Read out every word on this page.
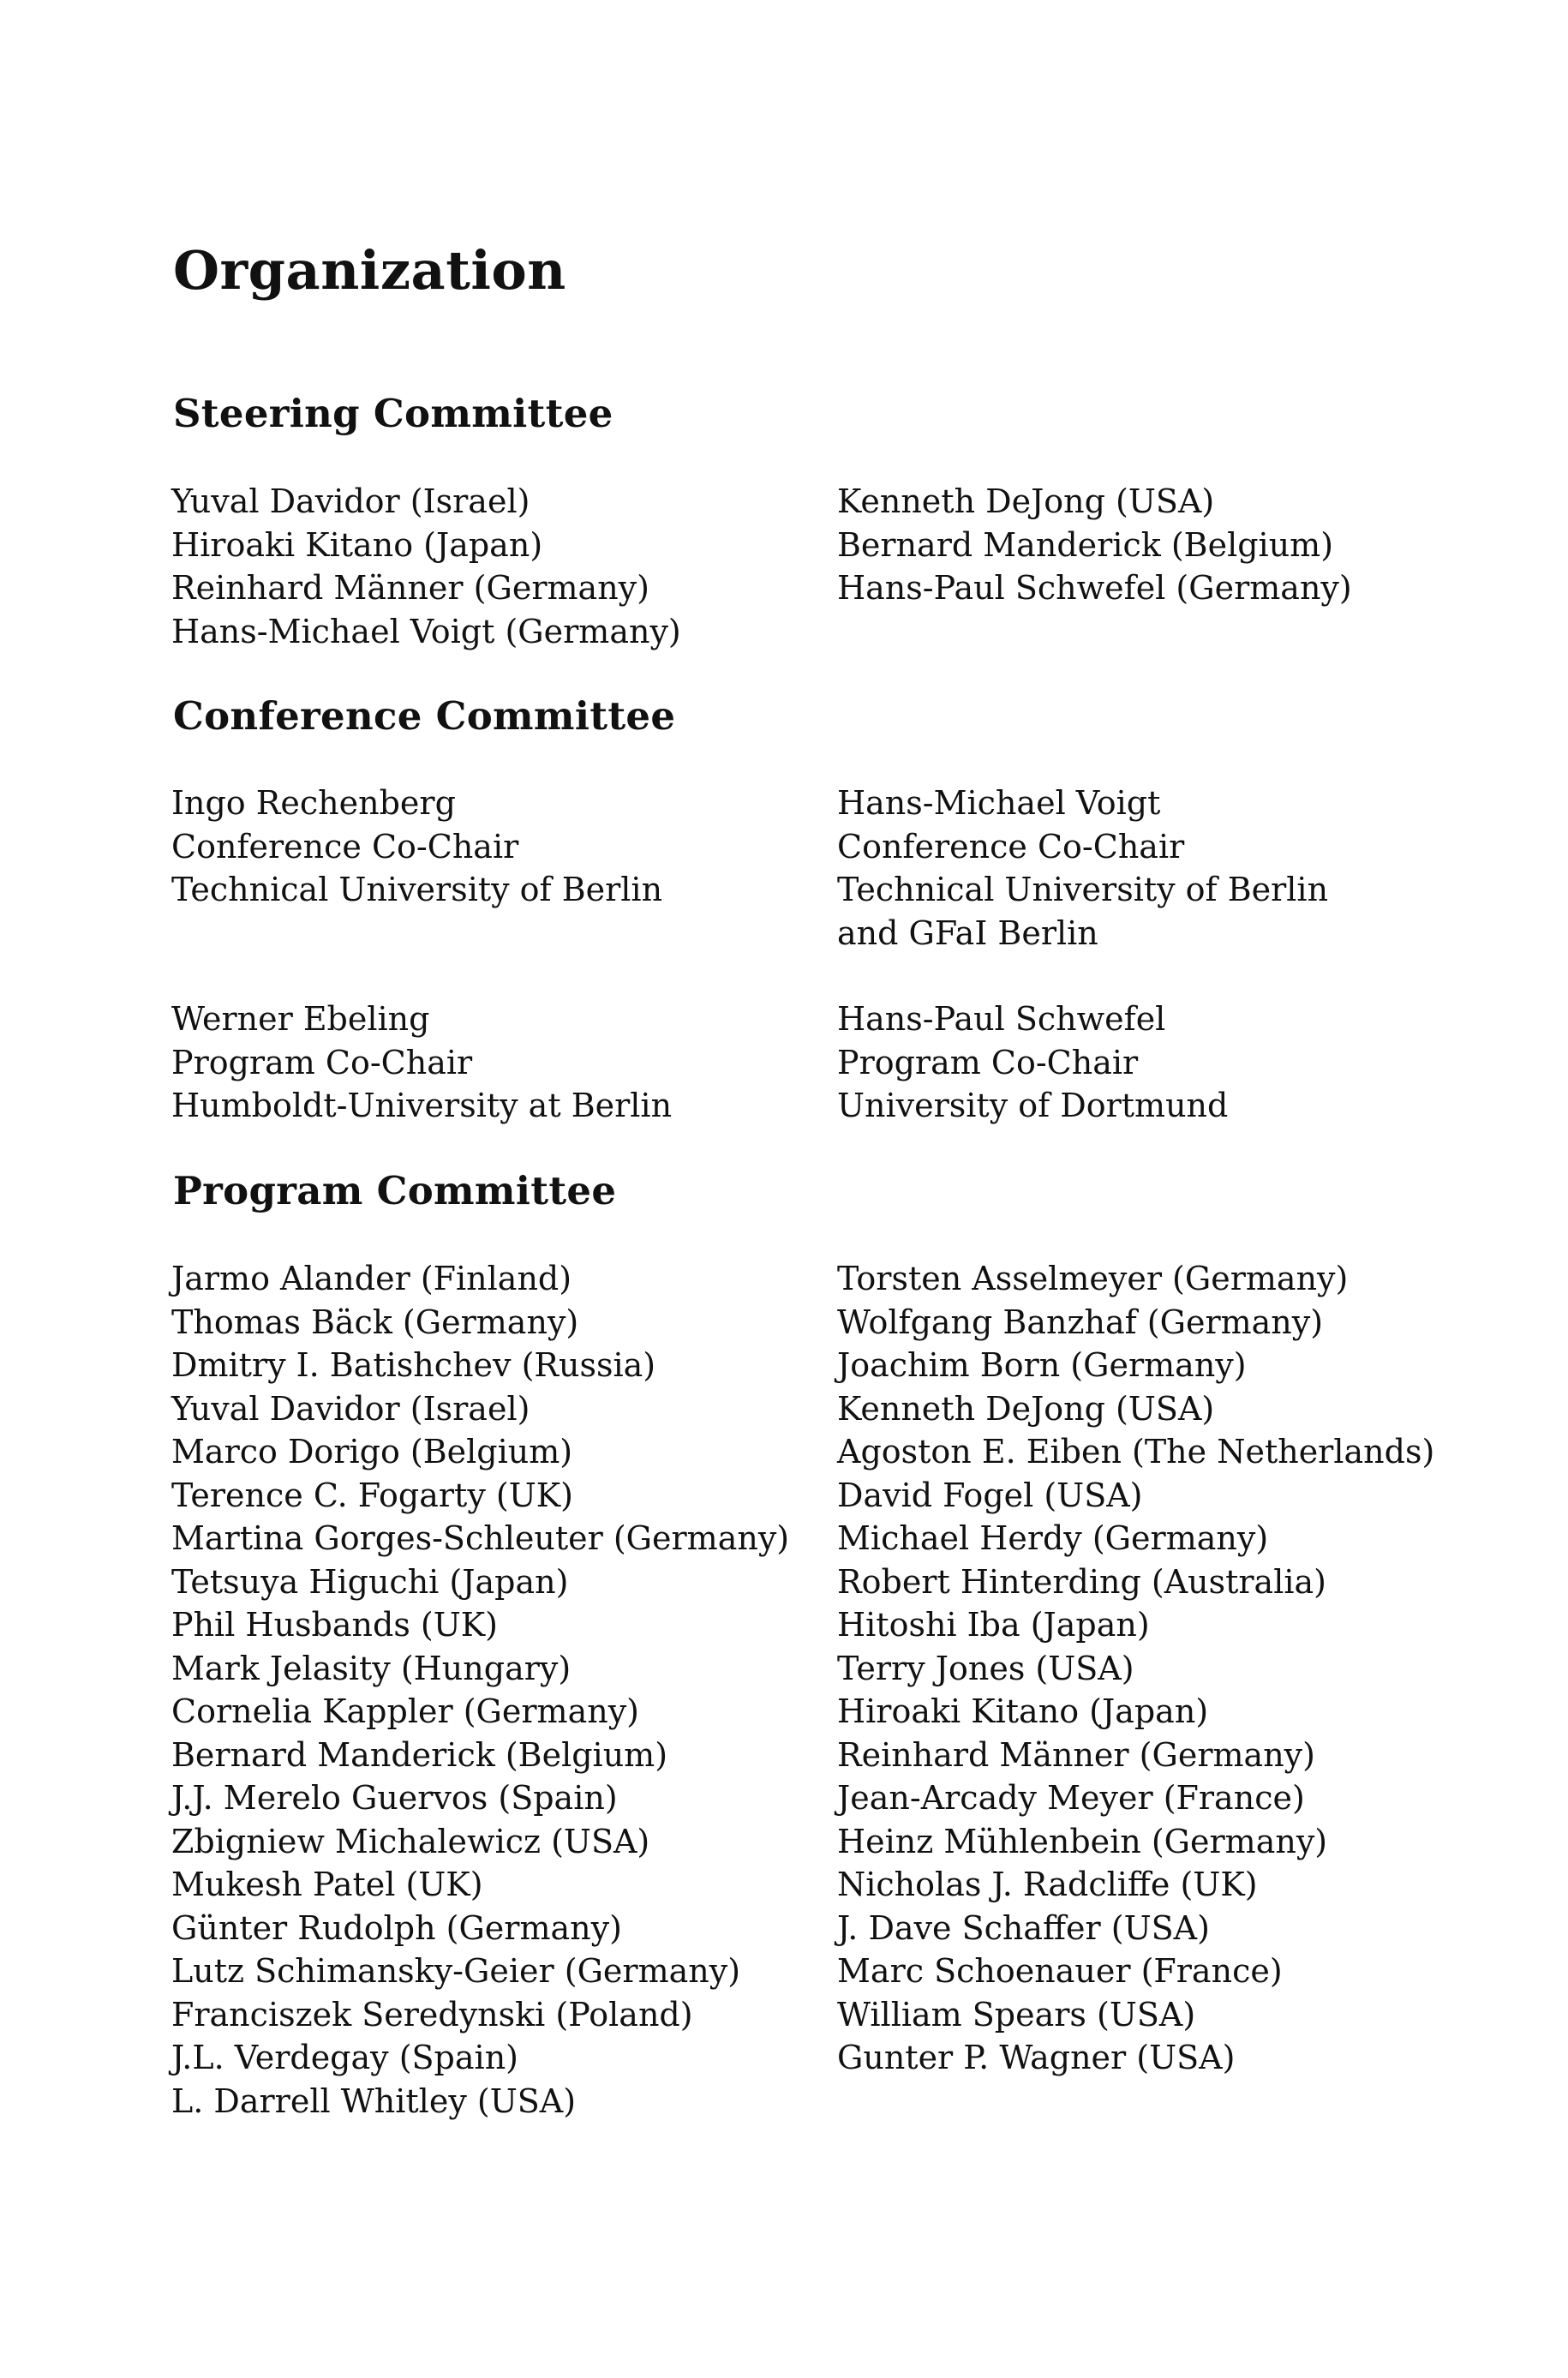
Organization
Steering Committee
Yuval Davidor (Israel)
Hiroaki Kitano (Japan)
Reinhard Männer (Germany)
Hans-Michael Voigt (Germany)
Kenneth DeJong (USA)
Bernard Manderick (Belgium)
Hans-Paul Schwefel (Germany)
Conference Committee
Ingo Rechenberg
Conference Co-Chair
Technical University of Berlin
Hans-Michael Voigt
Conference Co-Chair
Technical University of Berlin
and GFaI Berlin
Werner Ebeling
Program Co-Chair
Humboldt-University at Berlin
Hans-Paul Schwefel
Program Co-Chair
University of Dortmund
Program Committee
Jarmo Alander (Finland)
Thomas Bäck (Germany)
Dmitry I. Batishchev (Russia)
Yuval Davidor (Israel)
Marco Dorigo (Belgium)
Terence C. Fogarty (UK)
Martina Gorges-Schleuter (Germany)
Tetsuya Higuchi (Japan)
Phil Husbands (UK)
Mark Jelasity (Hungary)
Cornelia Kappler (Germany)
Bernard Manderick (Belgium)
J.J. Merelo Guervos (Spain)
Zbigniew Michalewicz (USA)
Mukesh Patel (UK)
Günter Rudolph (Germany)
Lutz Schimansky-Geier (Germany)
Franciszek Seredynski (Poland)
J.L. Verdegay (Spain)
L. Darrell Whitley (USA)
Torsten Asselmeyer (Germany)
Wolfgang Banzhaf (Germany)
Joachim Born (Germany)
Kenneth DeJong (USA)
Agoston E. Eiben (The Netherlands)
David Fogel (USA)
Michael Herdy (Germany)
Robert Hinterding (Australia)
Hitoshi Iba (Japan)
Terry Jones (USA)
Hiroaki Kitano (Japan)
Reinhard Männer (Germany)
Jean-Arcady Meyer (France)
Heinz Mühlenbein (Germany)
Nicholas J. Radcliffe (UK)
J. Dave Schaffer (USA)
Marc Schoenauer (France)
William Spears (USA)
Gunter P. Wagner (USA)
